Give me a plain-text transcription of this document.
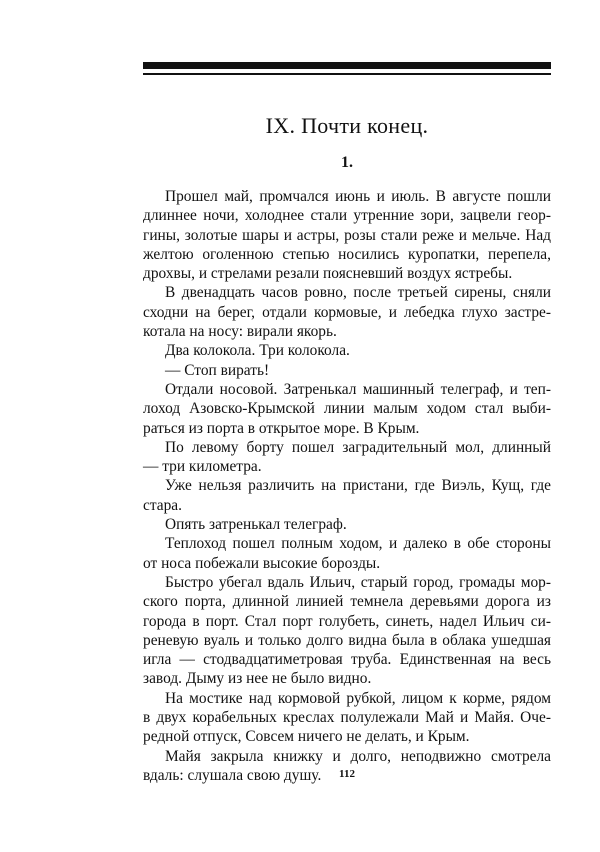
IX. Почти конец.
1.
Прошел май, промчался июнь и июль. В августе пошли
длиннее ночи, холоднее стали утренние зори, зацвели геор-
гины, золотые шары и астры, розы стали реже и мельче. Над
желтою оголенною степью носились куропатки, перепела,
дрохвы, и стрелами резали поясневший воздух ястребы.
В двенадцать часов ровно, после третьей сирены, сняли
сходни на берег, отдали кормовые, и лебедка глухо застре-
котала на носу: вирали якорь.
Два колокола. Три колокола.
— Стоп вирать!
Отдали носовой. Затренькал машинный телеграф, и теп-
лоход Азовско-Крымской линии малым ходом стал выби-
раться из порта в открытое море. В Крым.
По левому борту пошел заградительный мол, длинный
— три километра.
Уже нельзя различить на пристани, где Виэль, Кущ, где
стара.
Опять затренькал телеграф.
Теплоход пошел полным ходом, и далеко в обе стороны
от носа побежали высокие борозды.
Быстро убегал вдаль Ильич, старый город, громады мор-
ского порта, длинной линией темнела деревьями дорога из
города в порт. Стал порт голубеть, синеть, надел Ильич си-
реневую вуаль и только долго видна была в облака ушедшая
игла — стодвадцатиметровая труба. Единственная на весь
завод. Дыму из нее не было видно.
На мостике над кормовой рубкой, лицом к корме, рядом
в двух корабельных креслах полулежали Май и Майя. Оче-
редной отпуск, Совсем ничего не делать, и Крым.
Майя закрыла книжку и долго, неподвижно смотрела
вдаль: слушала свою душу.	112
